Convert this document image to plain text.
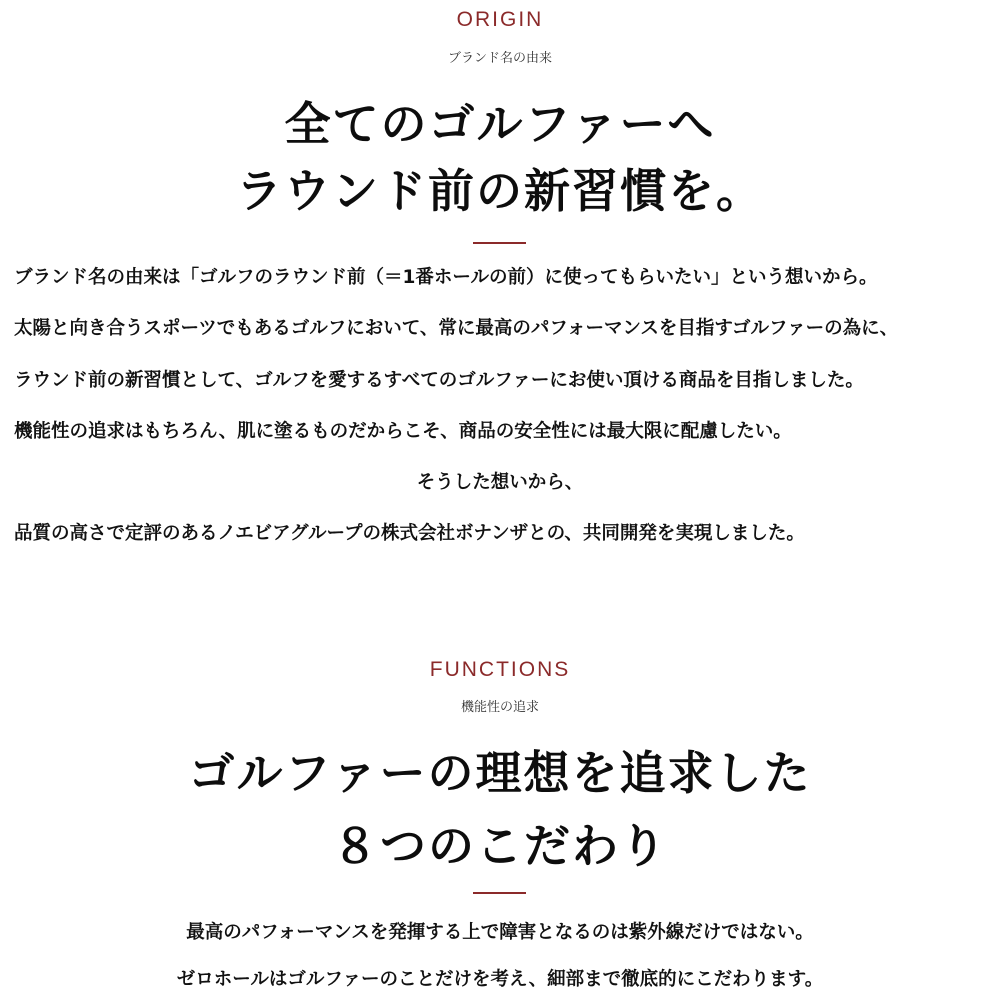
ORIGIN
ブランド名の由来
全てのゴルファーへ
ラウンド前の新習慣を。
ブランド名の由来は「ゴルフのラウンド前（＝1番ホールの前）に使ってもらいたい」という想いから。
太陽と向き合うスポーツでもあるゴルフにおいて、常に最高のパフォーマンスを目指すゴルファーの為に、
ラウンド前の新習慣として、ゴルフを愛するすべてのゴルファーにお使い頂ける商品を目指しました。
機能性の追求はもちろん、肌に塗るものだからこそ、商品の安全性には最大限に配慮したい。
そうした想いから、
品質の高さで定評のあるノエビアグループの株式会社ボナンザとの、共同開発を実現しました。
FUNCTIONS
機能性の追求
ゴルファーの理想を追求した
８つのこだわり
最高のパフォーマンスを発揮する上で障害となるのは紫外線だけではない。
ゼロホールはゴルファーのことだけを考え、細部まで徹底的にこだわります。
